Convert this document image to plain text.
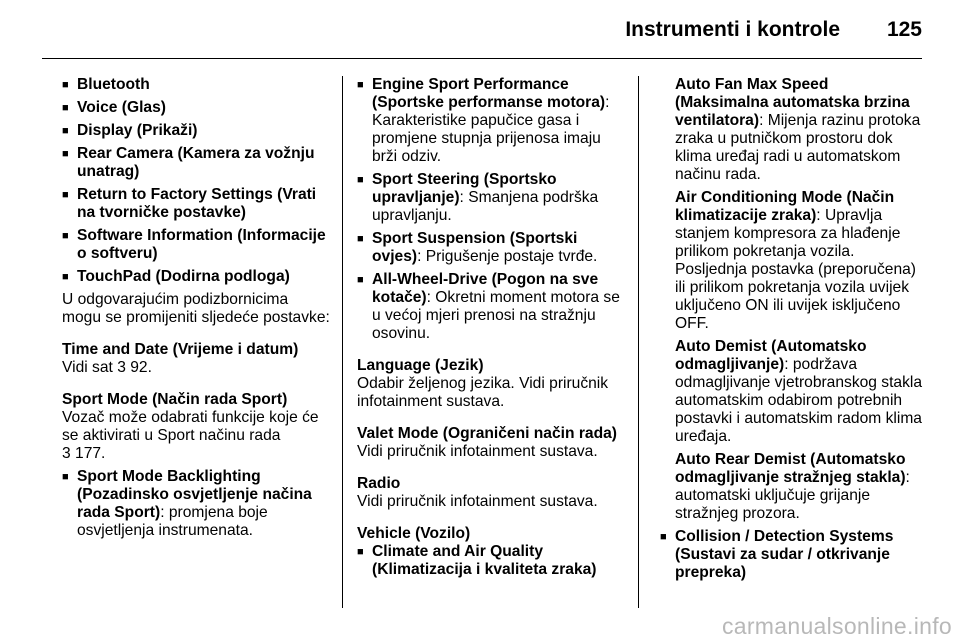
Instrumenti i kontrole 125
■ Bluetooth
■ Voice (Glas)
■ Display (Prikaži)
■ Rear Camera (Kamera za vožnju unatrag)
■ Return to Factory Settings (Vrati na tvorničke postavke)
■ Software Information (Informacije o softveru)
■ TouchPad (Dodirna podloga)
U odgovarajućim podizbornicima mogu se promijeniti sljedeće postavke:
Time and Date (Vrijeme i datum)
Vidi sat 3 92.
Sport Mode (Način rada Sport)
Vozač može odabrati funkcije koje će se aktivirati u Sport načinu rada
3 177.
■ Sport Mode Backlighting (Pozadinsko osvjetljenje načina rada Sport): promjena boje osvjetljenja instrumenata.
■ Engine Sport Performance (Sportske performanse motora): Karakteristike papučice gasa i promjene stupnja prijenosa imaju brži odziv.
■ Sport Steering (Sportsko upravljanje): Smanjena podrška upravljanju.
■ Sport Suspension (Sportski ovjes): Prigušenje postaje tvrđe.
■ All-Wheel-Drive (Pogon na sve kotače): Okretni moment motora se u većoj mjeri prenosi na stražnju osovinu.
Language (Jezik)
Odabir željenog jezika. Vidi priručnik infotainment sustava.
Valet Mode (Ograničeni način rada)
Vidi priručnik infotainment sustava.
Radio
Vidi priručnik infotainment sustava.
Vehicle (Vozilo)
■ Climate and Air Quality (Klimatizacija i kvaliteta zraka)
Auto Fan Max Speed (Maksimalna automatska brzina ventilatora): Mijenja razinu protoka zraka u putničkom prostoru dok klima uređaj radi u automatskom načinu rada.
Air Conditioning Mode (Način klimatizacije zraka): Upravlja stanjem kompresora za hlađenje prilikom pokretanja vozila. Posljednja postavka (preporučena) ili prilikom pokretanja vozila uvijek uključeno ON ili uvijek isključeno OFF.
Auto Demist (Automatsko odmagljivanje): podržava odmagljivanje vjetrobranskog stakla automatskim odabirom potrebnih postavki i automatskim radom klima uređaja.
Auto Rear Demist (Automatsko odmagljivanje stražnjeg stakla): automatski uključuje grijanje stražnjeg prozora.
■ Collision / Detection Systems (Sustavi za sudar / otkrivanje prepreka)
carmanualsonline.info
